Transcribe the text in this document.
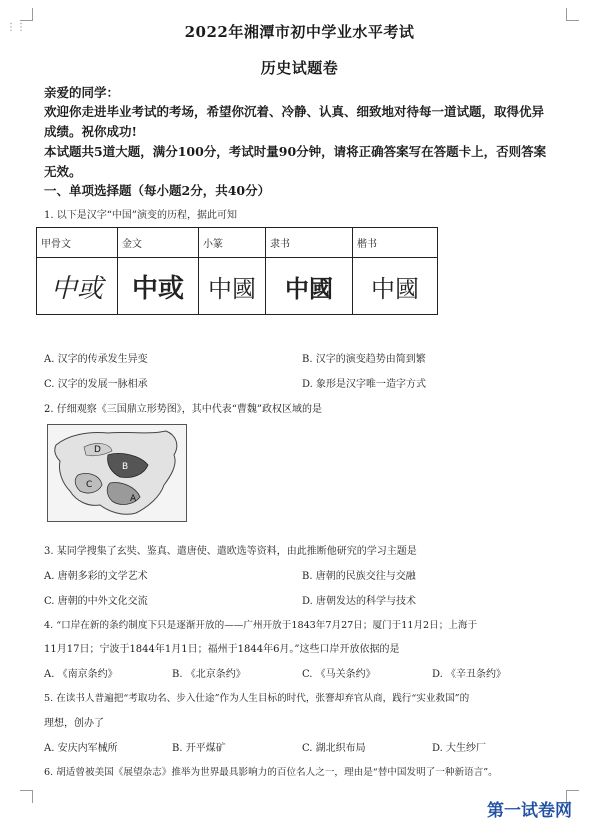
⋮⋮	2022年湘潭市初中学业水平考试
历史试题卷
亲爱的同学：
欢迎你走进毕业考试的考场，希望你沉着、冷静、认真、细致地对待每一道试题，取得优异
成绩。祝你成功!
本试题共5道大题，满分100分，考试时量90分钟，请将正确答案写在答题卡上，否则答案
无效。
一、单项选择题（每小题2分，共40分）
1. 以下是汉字“中国”演变的历程，据此可知
甲骨文	金文	小篆	隶书	楷书
中或	中或	中國	中國	中國
A. 汉字的传承发生异变	B. 汉字的演变趋势由简到繁
C. 汉字的发展一脉相承	D. 象形是汉字唯一造字方式
2. 仔细观察《三国鼎立形势图》，其中代表“曹魏”政权区域的是
A
B
C
D
3. 某同学搜集了玄奘、鉴真、遣唐使、遣欧选等资料，由此推断他研究的学习主题是
A. 唐朝多彩的文学艺术	B. 唐朝的民族交往与交融
C. 唐朝的中外文化交流	D. 唐朝发达的科学与技术
4. “口岸在新的条约制度下只是逐渐开放的——广州开放于1843年7月27日；厦门于11月2日；上海于
11月17日；宁波于1844年1月1日；福州于1844年6月。”这些口岸开放依据的是
A. 《南京条约》	B. 《北京条约》	C. 《马关条约》	D. 《辛丑条约》
5. 在读书人普遍把“考取功名、步入仕途”作为人生目标的时代，张謇却弃官从商，践行“实业救国”的
理想，创办了
A. 安庆内军械所	B. 开平煤矿	C. 湖北织布局	D. 大生纱厂
6. 胡适曾被美国《展望杂志》推举为世界最具影响力的百位名人之一，理由是“替中国发明了一种新语言”。
第一试卷网
